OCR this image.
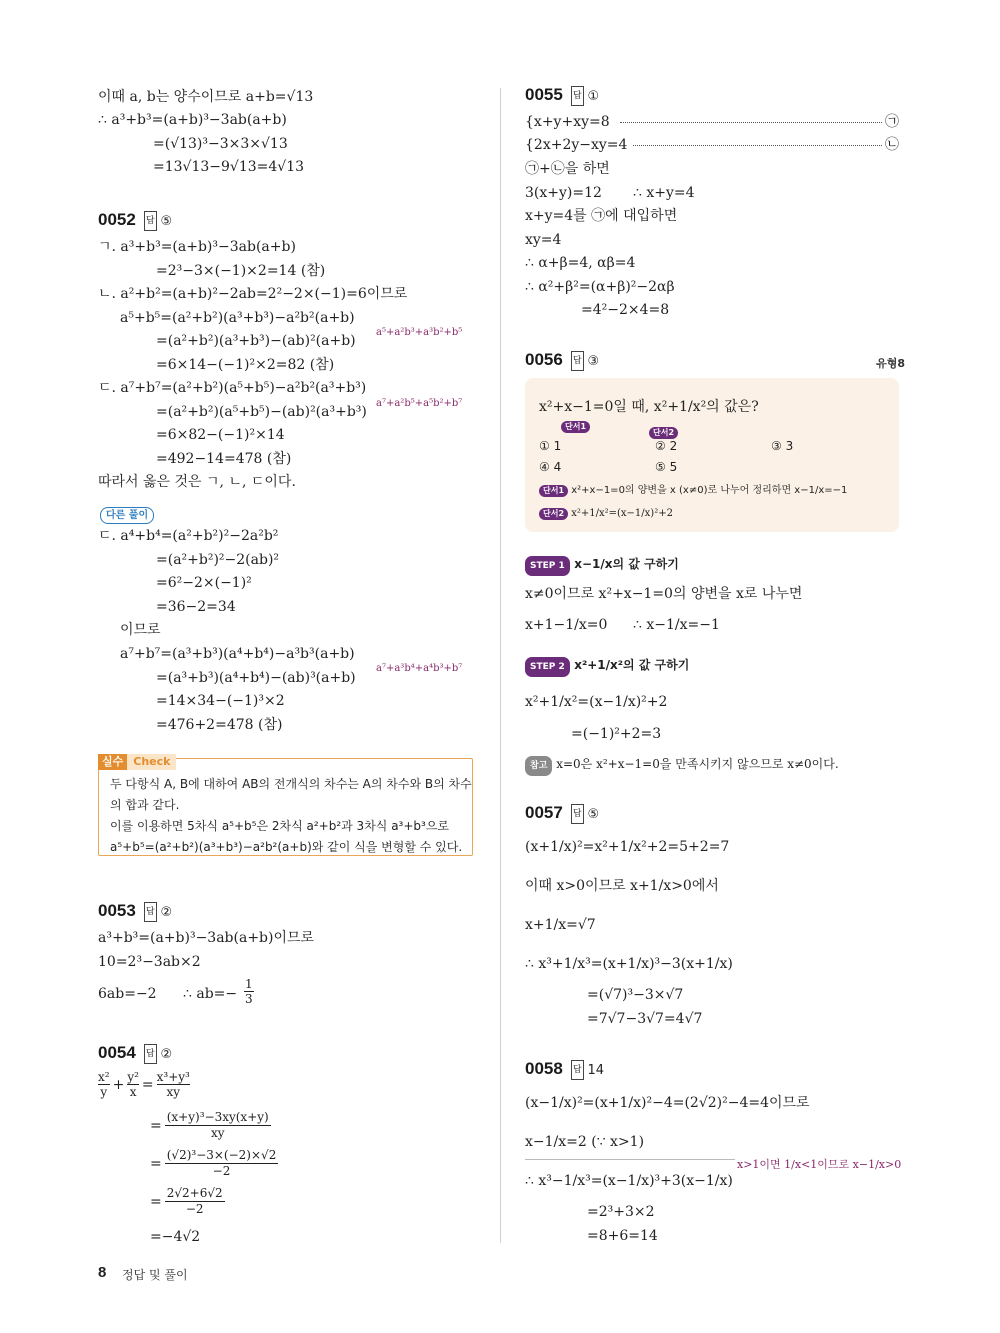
이때 a, b는 양수이므로 a+b=√13
∴ a³+b³=(a+b)³−3ab(a+b)
=(√13)³−3×3×√13
=13√13−9√13=4√13
0052 답 ⑤
ㄱ. a³+b³=(a+b)³−3ab(a+b)
=2³−3×(−1)×2=14 (참)
ㄴ. a²+b²=(a+b)²−2ab=2²−2×(−1)=6이므로
a⁵+b⁵=(a²+b²)(a³+b³)−a²b²(a+b)
=(a²+b²)(a³+b³)−(ab)²(a+b)
a⁵+a²b³+a³b²+b⁵
=6×14−(−1)²×2=82 (참)
ㄷ. a⁷+b⁷=(a²+b²)(a⁵+b⁵)−a²b²(a³+b³)
=(a²+b²)(a⁵+b⁵)−(ab)²(a³+b³)
a⁷+a²b⁵+a⁵b²+b⁷
=6×82−(−1)²×14
=492−14=478 (참)
따라서 옳은 것은 ㄱ, ㄴ, ㄷ이다.
다른 풀이
ㄷ. a⁴+b⁴=(a²+b²)²−2a²b²
=(a²+b²)²−2(ab)²
=6²−2×(−1)²
=36−2=34
이므로
a⁷+b⁷=(a³+b³)(a⁴+b⁴)−a³b³(a+b)
a⁷+a³b⁴+a⁴b³+b⁷
=(a³+b³)(a⁴+b⁴)−(ab)³(a+b)
=14×34−(−1)³×2
=476+2=478 (참)
실수 Check
두 다항식 A, B에 대하여 AB의 전개식의 차수는 A의 차수와 B의 차수
의 합과 같다.
이를 이용하면 5차식 a⁵+b⁵은 2차식 a²+b²과 3차식 a³+b³으로
a⁵+b⁵=(a²+b²)(a³+b³)−a²b²(a+b)와 같이 식을 변형할 수 있다.
0053 답 ②
a³+b³=(a+b)³−3ab(a+b)이므로
10=2³−3ab×2
6ab=−2 ∴ $ab=- \frac{1}{3}$
0054 답 ②
$\frac{\text{x²}}{y} + \frac{\text{y²}}{x} = \frac{\text{x³+y³}}{xy}$
= $\frac{\text{(x+y)³−3xy(x+y)}}{xy}$
= $\frac{\text{(√2)³−3×(−2)×√2}}{-2}$
= $\frac{2√2+6√2}{-2}$
=−4√2
0055 답 ①
{x+y+xy=8
{2x+2y−xy=4
㉠
㉡
㉠+㉡을 하면
3(x+y)=12 ∴ x+y=4
x+y=4를 ㉠에 대입하면
xy=4
∴ α+β=4, αβ=4
∴ α²+β²=(α+β)²−2αβ
=4²−2×4=8
0056 답 ③	유형8
x²+x−1=0일 때, x²+1/x²의 값은?
단서1
단서2
① 1	② 2	③ 3
④ 4	⑤ 5
단서1 x²+x−1=0의 양변을 x (x≠0)로 나누어 정리하면 x−1/x=−1
단서2 x²+1/x²=(x−1/x)²+2
STEP 1 x−1/x의 값 구하기
x≠0이므로 x²+x−1=0의 양변을 x로 나누면
x+1−1/x=0 ∴ x−1/x=−1
STEP 2 x²+1/x²의 값 구하기
x²+1/x²=(x−1/x)²+2
=(−1)²+2=3
참고 x=0은 x²+x−1=0을 만족시키지 않으므로 x≠0이다.
0057 답 ⑤
(x+1/x)²=x²+1/x²+2=5+2=7
이때 x>0이므로 x+1/x>0에서
x+1/x=√7
∴ x³+1/x³=(x+1/x)³−3(x+1/x)
=(√7)³−3×√7
=7√7−3√7=4√7
0058 답 14
(x−1/x)²=(x+1/x)²−4=(2√2)²−4=4이므로
x−1/x=2 (∵ x>1)
x>1이면 1/x<1이므로 x−1/x>0
∴ x³−1/x³=(x−1/x)³+3(x−1/x)
=2³+3×2
=8+6=14
8 정답 및 풀이
